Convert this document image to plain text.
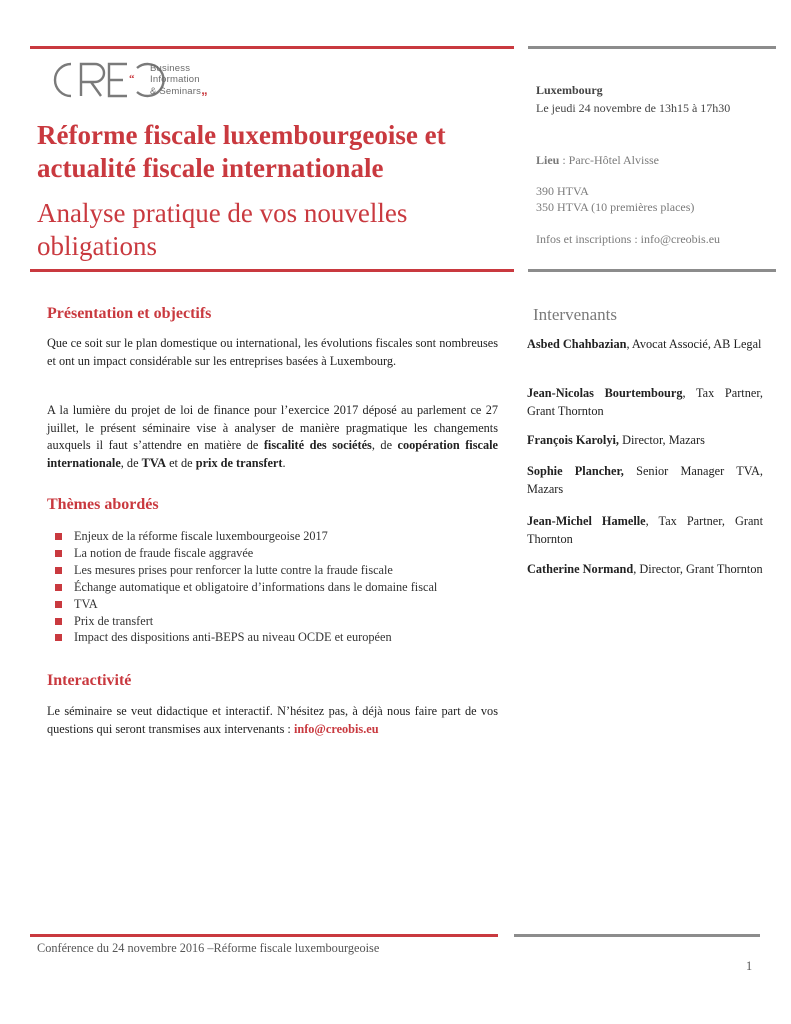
“
Business
Information
& Seminars„
Réforme fiscale luxembourgeoise et actualité fiscale internationale
Analyse pratique de vos nouvelles obligations
Luxembourg
Le jeudi 24 novembre de 13h15 à 17h30
Lieu : Parc-Hôtel Alvisse
390 HTVA
350 HTVA (10 premières places)
Infos et inscriptions : info@creobis.eu
Présentation et objectifs

Que ce soit sur le plan domestique ou international, les évolutions fiscales sont nombreuses et ont un impact considérable sur les entreprises basées à Luxembourg.

A la lumière du projet de loi de finance pour l’exercice 2017 déposé au parlement ce 27 juillet, le présent séminaire vise à analyser de manière pragmatique les changements auxquels il faut s’attendre en matière de fiscalité des sociétés, de coopération fiscale internationale, de TVA et de prix de transfert.

Thèmes abordés
Enjeux de la réforme fiscale luxembourgeoise 2017
La notion de fraude fiscale aggravée
Les mesures prises pour renforcer la lutte contre la fraude fiscale
Échange automatique et obligatoire d’informations dans le domaine fiscal
TVA
Prix de transfert
Impact des dispositions anti-BEPS au niveau OCDE et européen
Interactivité

Le séminaire se veut didactique et interactif. N’hésitez pas, à déjà nous faire part de vos questions qui seront transmises aux intervenants : info@creobis.eu

Intervenants

Asbed Chahbazian, Avocat Associé, AB Legal

Jean-Nicolas Bourtembourg, Tax Partner, Grant Thornton

François Karolyi, Director, Mazars

Sophie Plancher, Senior Manager TVA, Mazars

Jean-Michel Hamelle, Tax Partner, Grant Thornton

Catherine Normand, Director, Grant Thornton

Conférence du 24 novembre 2016 –Réforme fiscale luxembourgeoise
1
